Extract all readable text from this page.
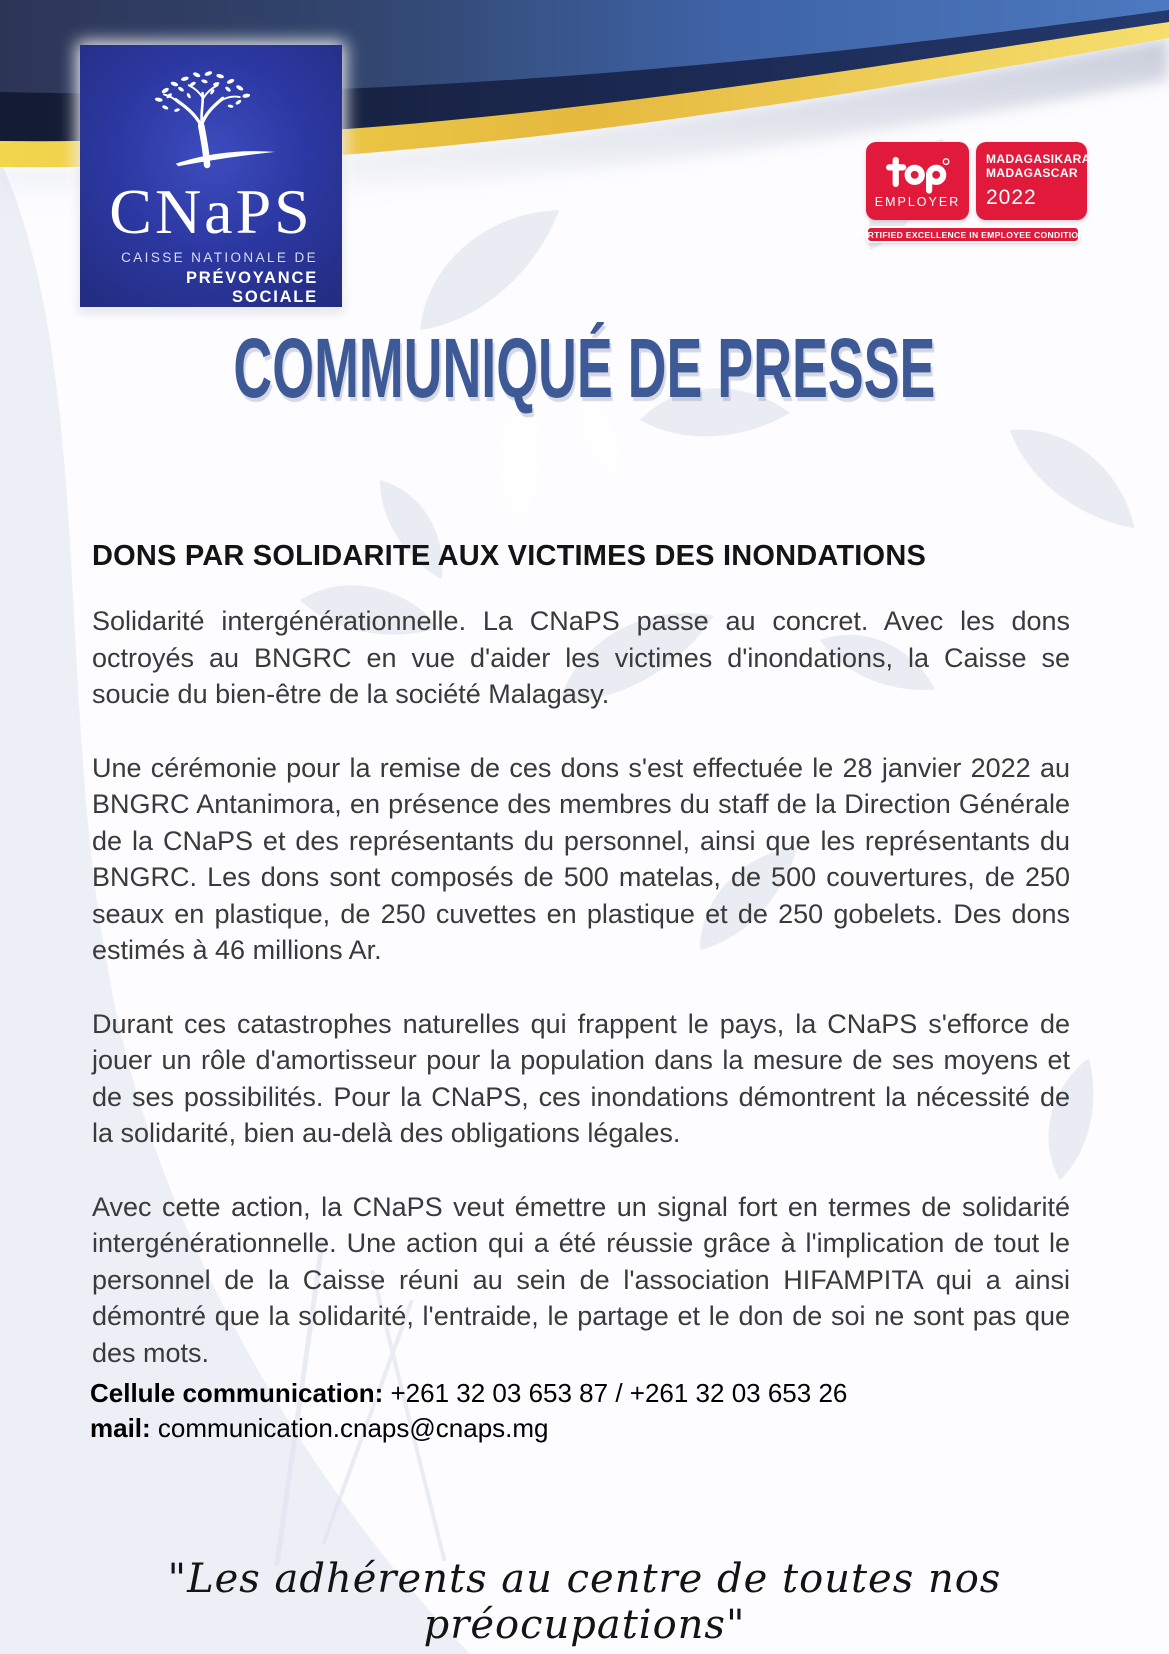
CNaPS
CAISSE NATIONALE DE
PRÉVOYANCE SOCIALE
EMPLOYER
MADAGASIKARA
MADAGASCAR
2022
CERTIFIED EXCELLENCE IN EMPLOYEE CONDITIONS
COMMUNIQUÉ DE PRESSE
DONS PAR SOLIDARITE AUX VICTIMES DES INONDATIONS

Solidarité intergénérationnelle. La CNaPS passe au concret. Avec les dons octroyés au BNGRC en vue d'aider les victimes d'inondations, la Caisse se soucie du bien-être de la société Malagasy.

Une cérémonie pour la remise de ces dons s'est effectuée le 28 janvier 2022 au BNGRC Antanimora, en présence des membres du staff de la Direction Générale de la CNaPS et des représentants du personnel, ainsi que les représentants du BNGRC. Les dons sont composés de 500 matelas, de 500 couvertures, de 250 seaux en plastique, de 250 cuvettes en plastique et de 250 gobelets. Des dons estimés à 46 millions Ar.

Durant ces catastrophes naturelles qui frappent le pays, la CNaPS s'efforce de jouer un rôle d'amortisseur pour la population dans la mesure de ses moyens et de ses possibilités. Pour la CNaPS, ces inondations démontrent la nécessité de la solidarité, bien au-delà des obligations légales.

Avec cette action, la CNaPS veut émettre un signal fort en termes de solidarité intergénérationnelle. Une action qui a été réussie grâce à l'implication de tout le personnel de la Caisse réuni au sein de l'association HIFAMPITA qui a ainsi démontré que la solidarité, l'entraide, le partage et le don de soi ne sont pas que des mots.

Cellule communication: +261 32 03 653 87 / +261 32 03 653 26
mail: communication.cnaps@cnaps.mg
"Les adhérents au centre de toutes nos préocupations"
